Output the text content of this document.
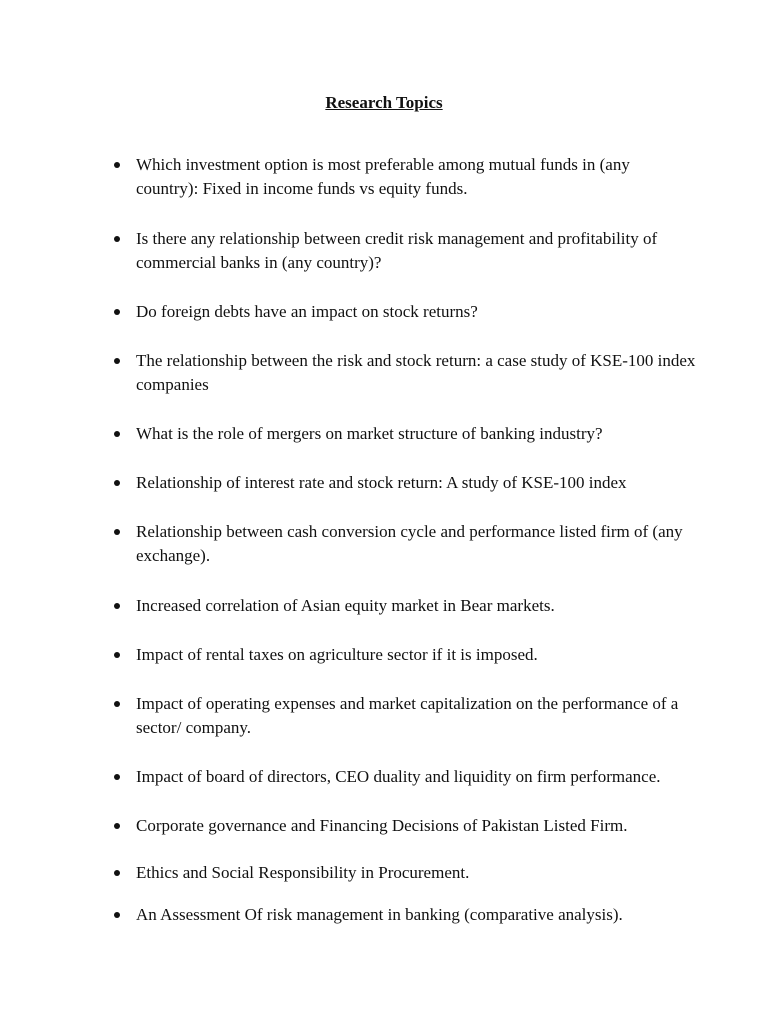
Research Topics
Which investment option is most preferable among mutual funds in (any country): Fixed in income funds vs equity funds.
Is there any relationship between credit risk management and profitability of commercial banks in (any country)?
Do foreign debts have an impact on stock returns?
The relationship between the risk and stock return: a case study of KSE-100 index companies
What is the role of mergers on market structure of banking industry?
Relationship of interest rate and stock return: A study of KSE-100 index
Relationship between cash conversion cycle and performance listed firm of (any exchange).
Increased correlation of Asian equity market in Bear markets.
Impact of rental taxes on agriculture sector if it is imposed.
Impact of operating expenses and market capitalization on the performance of a sector/ company.
Impact of board of directors, CEO duality and liquidity on firm performance.
Corporate governance and Financing Decisions of Pakistan Listed Firm.
Ethics and Social Responsibility in Procurement.
An Assessment Of risk management in banking (comparative analysis).
